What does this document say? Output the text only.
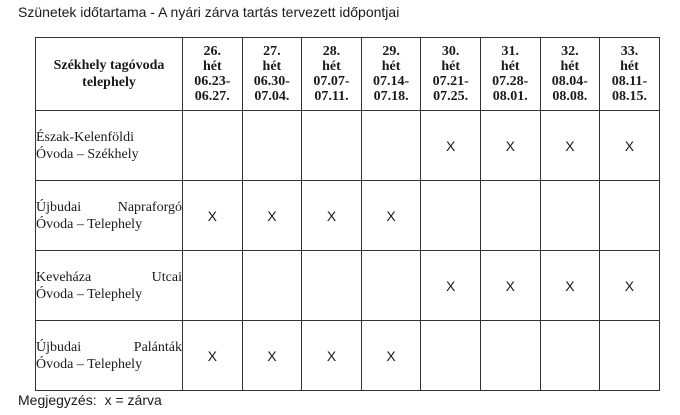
Szünetek időtartama - A nyári zárva tartás tervezett időpontjai
Székhely tagóvoda
telephely	26.
hét
06.23-
06.27.	27.
hét
06.30-
07.04.	28.
hét
07.07-
07.11.	29.
hét
07.14-
07.18.	30.
hét
07.21-
07.25.	31.
hét
07.28-
08.01.	32.
hét
08.04-
08.08.	33.
hét
08.11-
08.15.

Észak-Kelenföldi
Óvoda – Székhely					X	X	X	X

Újbudai Napraforgó
Óvoda – Telephely	X	X	X	X				

Keveháza Utcai
Óvoda – Telephely					X	X	X	X

Újbudai Palánták
Óvoda – Telephely	X	X	X	X				
Megjegyzés: x = zárva
